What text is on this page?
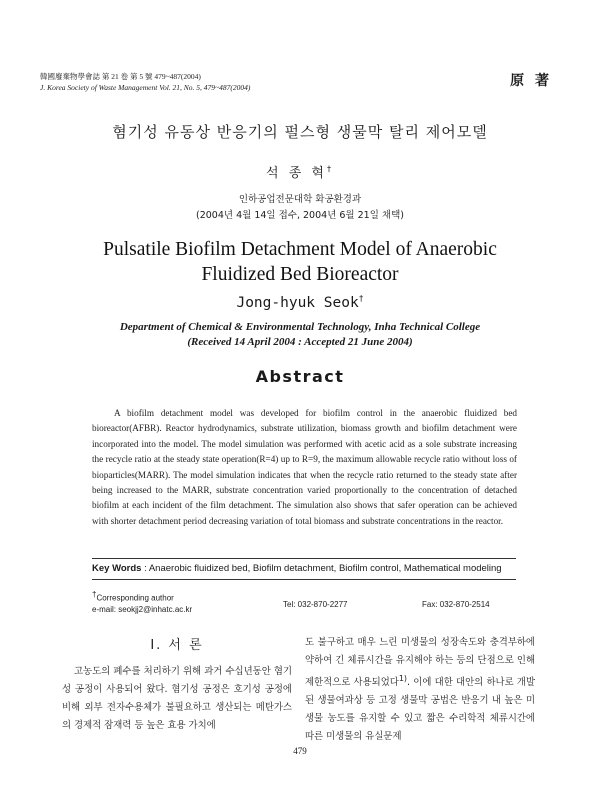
韓國廢棄物學會誌 第 21 卷 第 5 號 479~487(2004)
J. Korea Society of Waste Management Vol. 21, No. 5, 479~487(2004)	原 著
혐기성 유동상 반응기의 펄스형 생물막 탈리 제어모델
석 종 혁†
인하공업전문대학 화공환경과
(2004년 4월 14일 접수, 2004년 6월 21일 채택)
Pulsatile Biofilm Detachment Model of Anaerobic Fluidized Bed Bioreactor
Jong-hyuk Seok†
Department of Chemical & Environmental Technology, Inha Technical College
(Received 14 April 2004 : Accepted 21 June 2004)
Abstract
A biofilm detachment model was developed for biofilm control in the anaerobic fluidized bed bioreactor(AFBR). Reactor hydrodynamics, substrate utilization, biomass growth and biofilm detachment were incorporated into the model. The model simulation was performed with acetic acid as a sole substrate increasing the recycle ratio at the steady state operation(R=4) up to R=9, the maximum allowable recycle ratio without loss of bioparticles(MARR). The model simulation indicates that when the recycle ratio returned to the steady state after being increased to the MARR, substrate concentration varied proportionally to the concentration of detached biofilm at each incident of the film detachment. The simulation also shows that safer operation can be achieved with shorter detachment period decreasing variation of total biomass and substrate concentrations in the reactor.
Key Words : Anaerobic fluidized bed, Biofilm detachment, Biofilm control, Mathematical modeling
†Corresponding author
e-mail: seokjj2@inhatc.ac.kr
Tel: 032-870-2277	Fax: 032-870-2514
Ⅰ. 서 론
고농도의 폐수를 처리하기 위해 과거 수십년동안 혐기성 공정이 사용되어 왔다. 혐기성 공정은 호기성 공정에 비해 외부 전자수용체가 불필요하고 생산되는 메탄가스의 경제적 잠재력 등 높은 효용 가치에
도 불구하고 매우 느린 미생물의 성장속도와 충격부하에 약하여 긴 체류시간을 유지해야 하는 등의 단점으로 인해 제한적으로 사용되었다$^{1)}$. 이에 대한 대안의 하나로 개발된 생물여과상 등 고정 생물막 공법은 반응기 내 높은 미생물 농도를 유지할 수 있고 짧은 수리학적 체류시간에 따른 미생물의 유실문제
479
